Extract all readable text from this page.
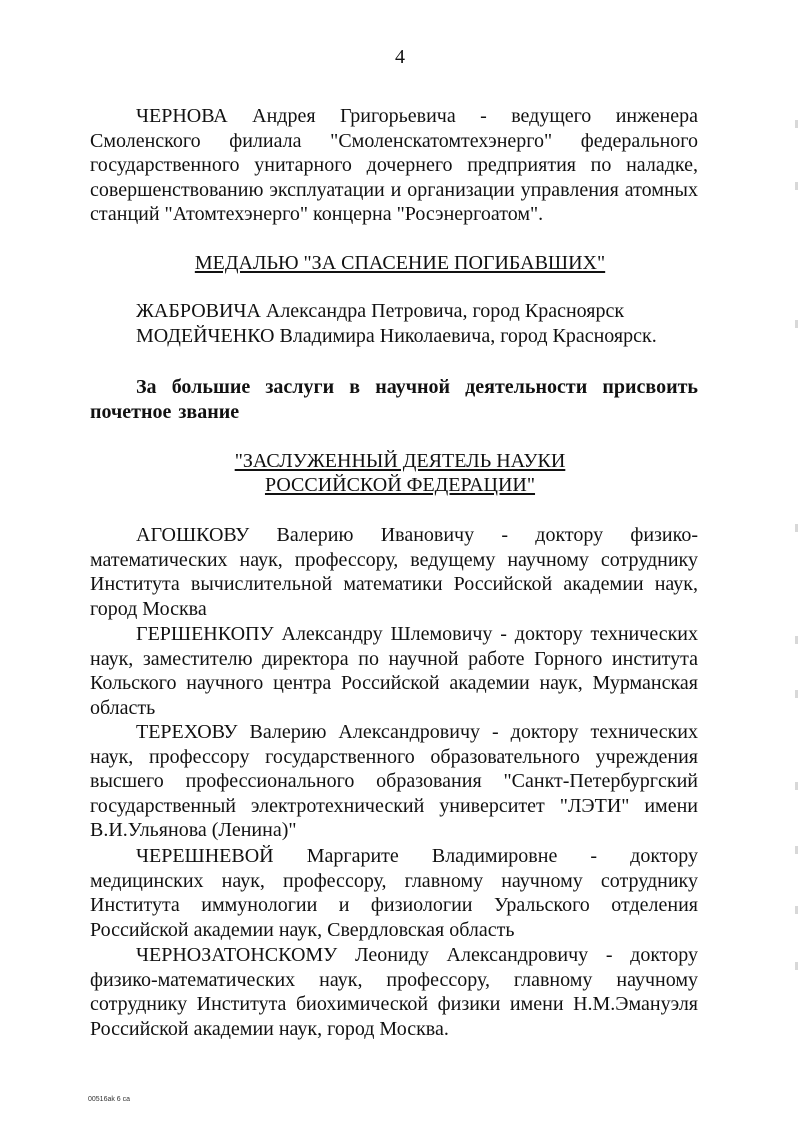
4

ЧЕРНОВА Андрея Григорьевича - ведущего инженера Смоленского филиала "Смоленскатомтехэнерго" федерального государственного унитарного дочернего предприятия по наладке, совершенствованию эксплуатации и организации управления атомных станций "Атомтехэнерго" концерна "Росэнергоатом".

МЕДАЛЬЮ "ЗА СПАСЕНИЕ ПОГИБАВШИХ"

ЖАБРОВИЧА Александра Петровича, город Красноярск

МОДЕЙЧЕНКО Владимира Николаевича, город Красноярск.

За большие заслуги в научной деятельности присвоить почетное звание

"ЗАСЛУЖЕННЫЙ ДЕЯТЕЛЬ НАУКИ

РОССИЙСКОЙ ФЕДЕРАЦИИ"

АГОШКОВУ Валерию Ивановичу - доктору физико-математических наук, профессору, ведущему научному сотруднику Института вычислительной математики Российской академии наук, город Москва

ГЕРШЕНКОПУ Александру Шлемовичу - доктору технических наук, заместителю директора по научной работе Горного института Кольского научного центра Российской академии наук, Мурманская область

ТЕРЕХОВУ Валерию Александровичу - доктору технических наук, профессору государственного образовательного учреждения высшего профессионального образования "Санкт-Петербургский государственный электротехнический университет "ЛЭТИ" имени В.И.Ульянова (Ленина)"

ЧЕРЕШНЕВОЙ Маргарите Владимировне - доктору медицинских наук, профессору, главному научному сотруднику Института иммунологии и физиологии Уральского отделения Российской академии наук, Свердловская область

ЧЕРНОЗАТОНСКОМУ Леониду Александровичу - доктору физико-математических наук, профессору, главному научному сотруднику Института биохимической физики имени Н.М.Эмануэля Российской академии наук, город Москва.

00516ak 6 ca
